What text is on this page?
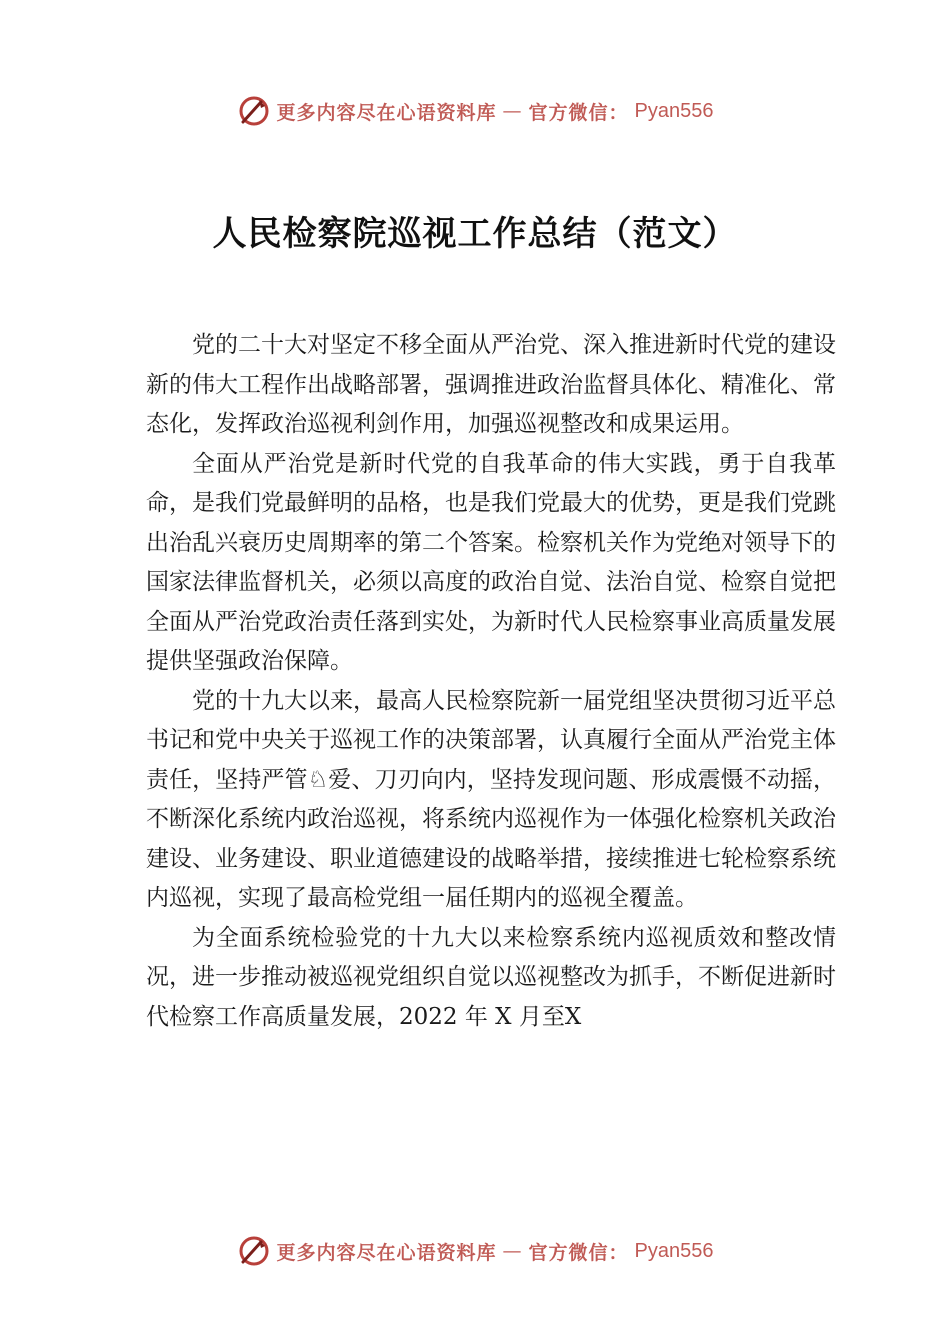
更多内容尽在心语资料库 — 官方微信： Pyan556
人民检察院巡视工作总结（范文）

党的二十大对坚定不移全面从严治党、深入推进新时代党的建设新的伟大工程作出战略部署，强调推进政治监督具体化、精准化、常态化，发挥政治巡视利剑作用，加强巡视整改和成果运用。

全面从严治党是新时代党的自我革命的伟大实践，勇于自我革命，是我们党最鲜明的品格，也是我们党最大的优势，更是我们党跳出治乱兴衰历史周期率的第二个答案。检察机关作为党绝对领导下的国家法律监督机关，必须以高度的政治自觉、法治自觉、检察自觉把全面从严治党政治责任落到实处，为新时代人民检察事业高质量发展提供坚强政治保障。

党的十九大以来，最高人民检察院新一届党组坚决贯彻习近平总书记和党中央关于巡视工作的决策部署，认真履行全面从严治党主体责任，坚持严管♘爱、刀刃向内，坚持发现问题、形成震慑不动摇，不断深化系统内政治巡视，将系统内巡视作为一体强化检察机关政治建设、业务建设、职业道德建设的战略举措，接续推进七轮检察系统内巡视，实现了最高检党组一届任期内的巡视全覆盖。

为全面系统检验党的十九大以来检察系统内巡视质效和整改情况，进一步推动被巡视党组织自觉以巡视整改为抓手，不断促进新时代检察工作高质量发展，2022 年 X 月至X

更多内容尽在心语资料库 — 官方微信： Pyan556
